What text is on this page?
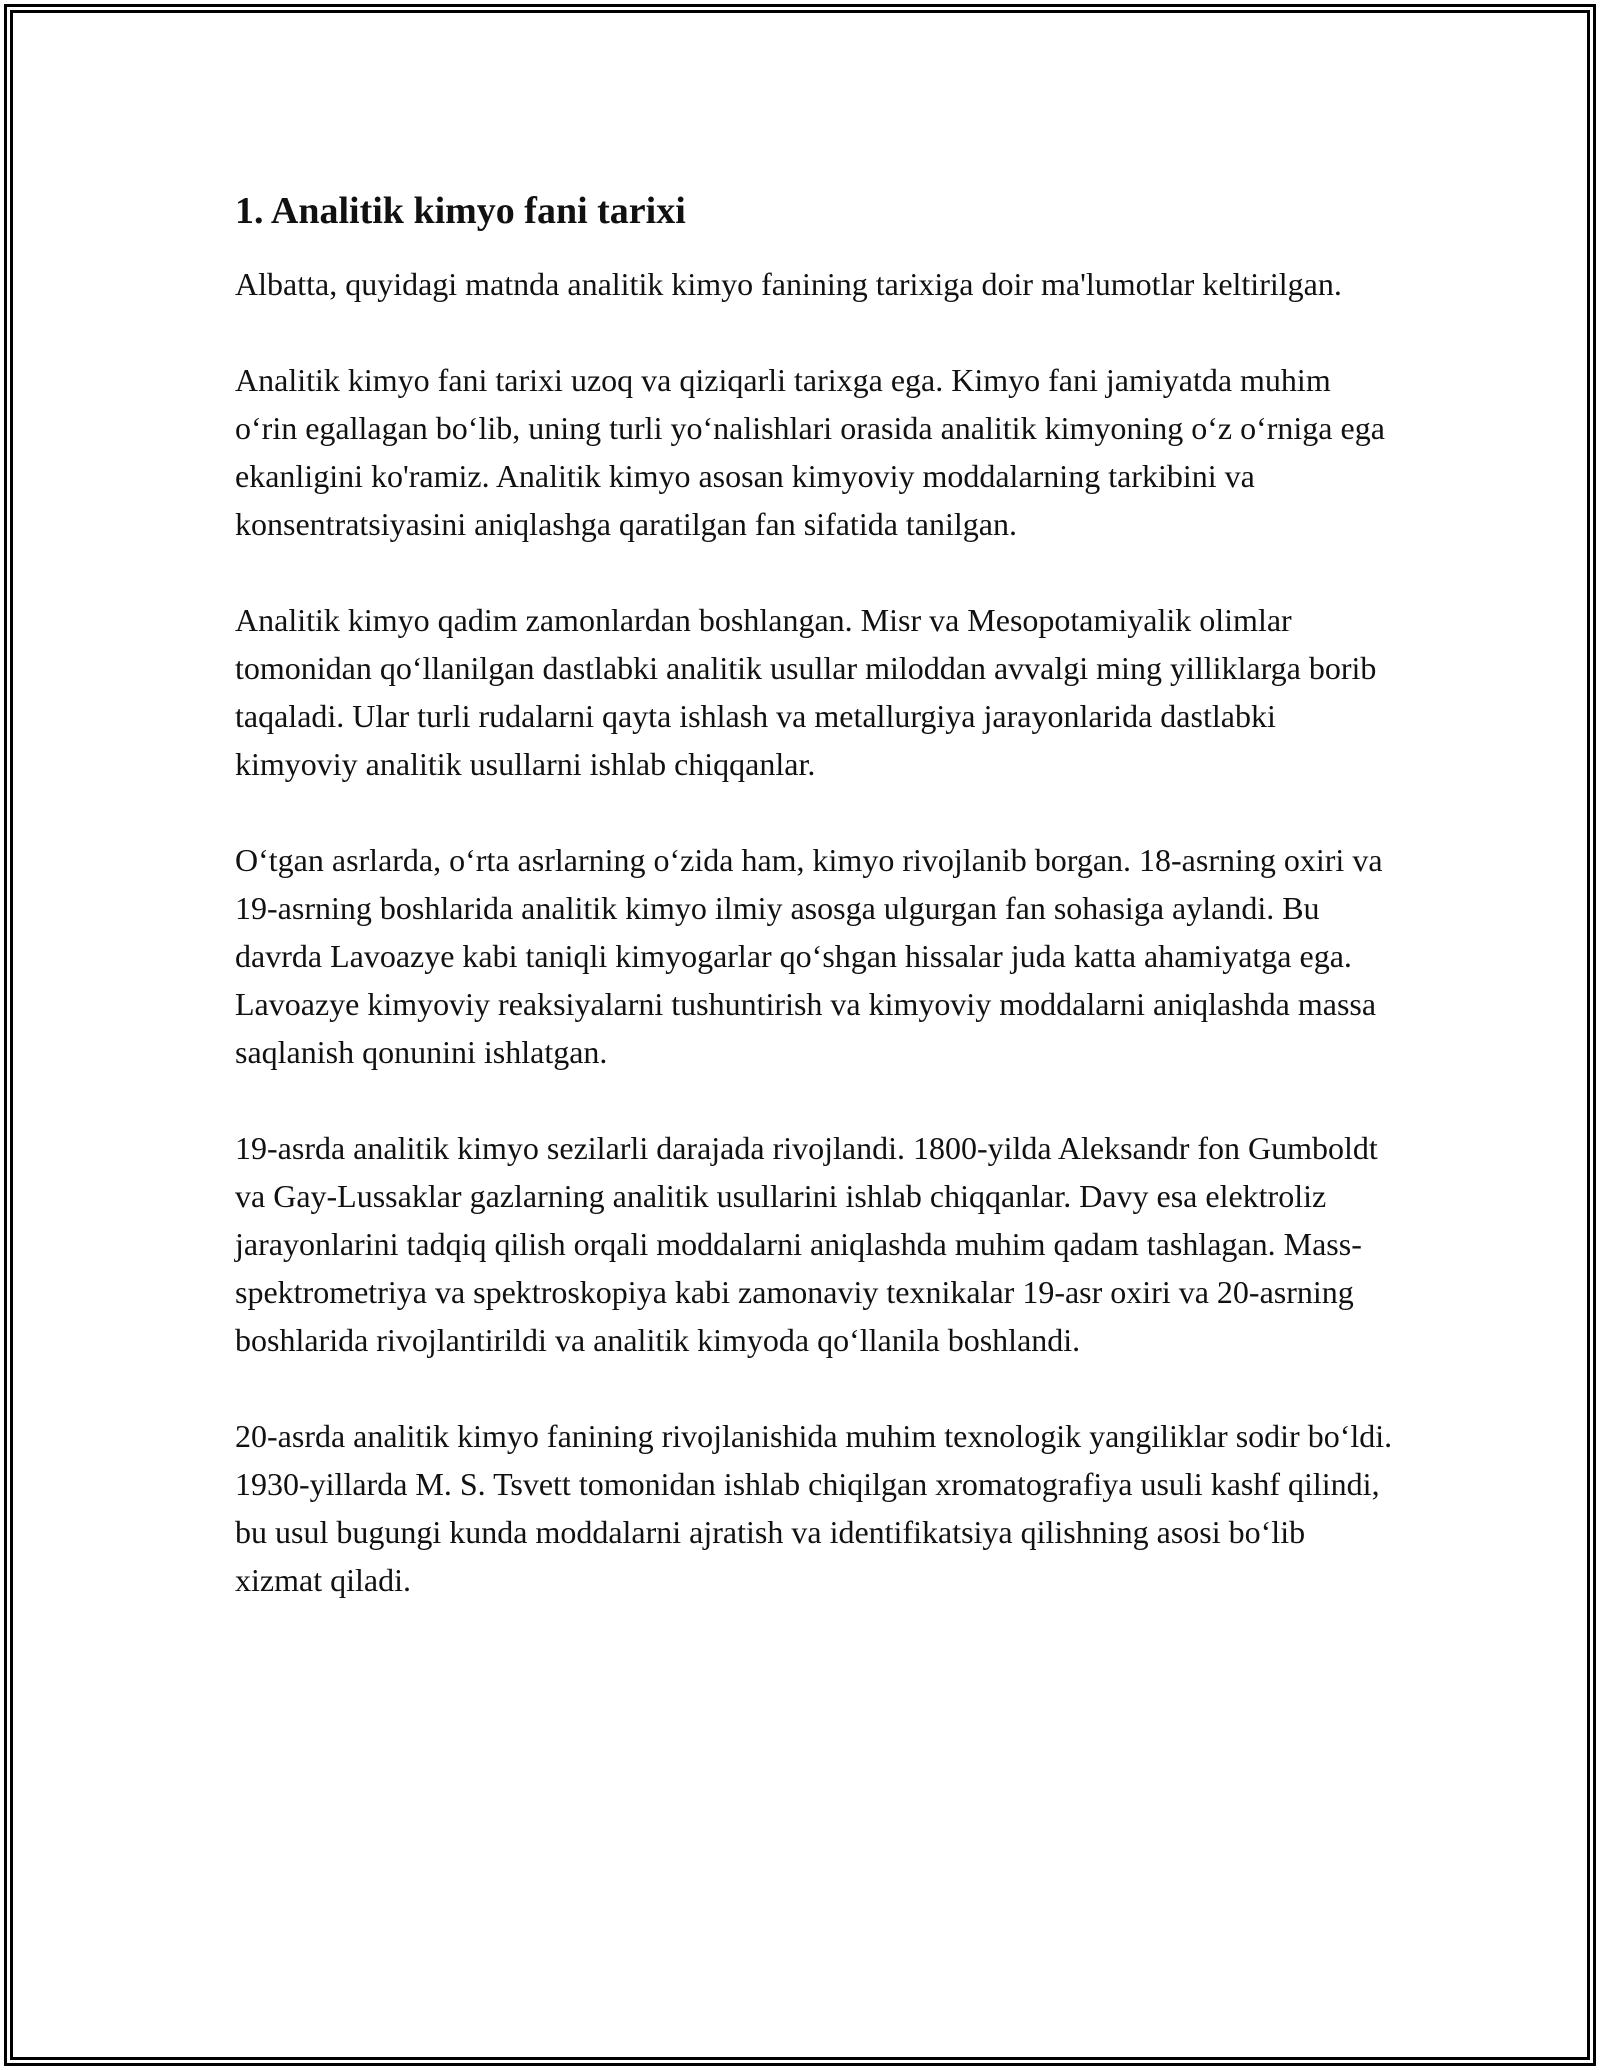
1. Analitik kimyo fani tarixi

Albatta, quyidagi matnda analitik kimyo fanining tarixiga doir ma'lumotlar keltirilgan.

Analitik kimyo fani tarixi uzoq va qiziqarli tarixga ega. Kimyo fani jamiyatda muhim o‘rin egallagan bo‘lib, uning turli yo‘nalishlari orasida analitik kimyoning o‘z o‘rniga ega ekanligini ko'ramiz. Analitik kimyo asosan kimyoviy moddalarning tarkibini va konsentratsiyasini aniqlashga qaratilgan fan sifatida tanilgan.

Analitik kimyo qadim zamonlardan boshlangan. Misr va Mesopotamiyalik olimlar tomonidan qo‘llanilgan dastlabki analitik usullar miloddan avvalgi ming yilliklarga borib taqaladi. Ular turli rudalarni qayta ishlash va metallurgiya jarayonlarida dastlabki kimyoviy analitik usullarni ishlab chiqqanlar.

O‘tgan asrlarda, o‘rta asrlarning o‘zida ham, kimyo rivojlanib borgan. 18-asrning oxiri va 19-asrning boshlarida analitik kimyo ilmiy asosga ulgurgan fan sohasiga aylandi. Bu davrda Lavoazye kabi taniqli kimyogarlar qo‘shgan hissalar juda katta ahamiyatga ega. Lavoazye kimyoviy reaksiyalarni tushuntirish va kimyoviy moddalarni aniqlashda massa saqlanish qonunini ishlatgan.

19-asrda analitik kimyo sezilarli darajada rivojlandi. 1800-yilda Aleksandr fon Gumboldt va Gay-Lussaklar gazlarning analitik usullarini ishlab chiqqanlar. Davy esa elektroliz jarayonlarini tadqiq qilish orqali moddalarni aniqlashda muhim qadam tashlagan. Mass-spektrometriya va spektroskopiya kabi zamonaviy texnikalar 19-asr oxiri va 20-asrning boshlarida rivojlantirildi va analitik kimyoda qo‘llanila boshlandi.

20-asrda analitik kimyo fanining rivojlanishida muhim texnologik yangiliklar sodir bo‘ldi. 1930-yillarda M. S. Tsvett tomonidan ishlab chiqilgan xromatografiya usuli kashf qilindi, bu usul bugungi kunda moddalarni ajratish va identifikatsiya qilishning asosi bo‘lib xizmat qiladi.
